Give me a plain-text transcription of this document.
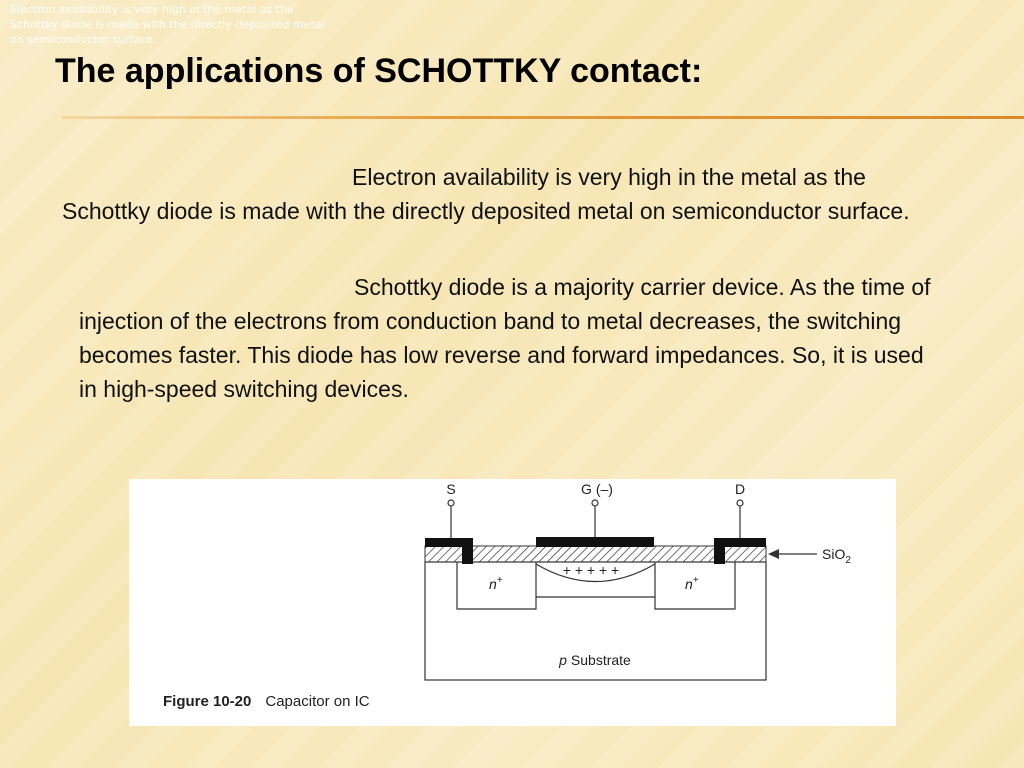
Electron availability is very high in the metal as the Schottky diode is made with the directly deposited metal on semiconductor surface.
The applications of SCHOTTKY contact:

Electron availability is very high in the metal as the Schottky diode is made with the directly deposited metal on semiconductor surface.

Schottky diode is a majority carrier device. As the time of injection of the electrons from conduction band to metal decreases, the switching becomes faster. This diode has low reverse and forward impedances. So, it is used in high-speed switching devices.

S	G (–)	D
SiO$_2$
n+	n+
+ + + + +
p Substrate
Figure 10-20 Capacitor on IC
